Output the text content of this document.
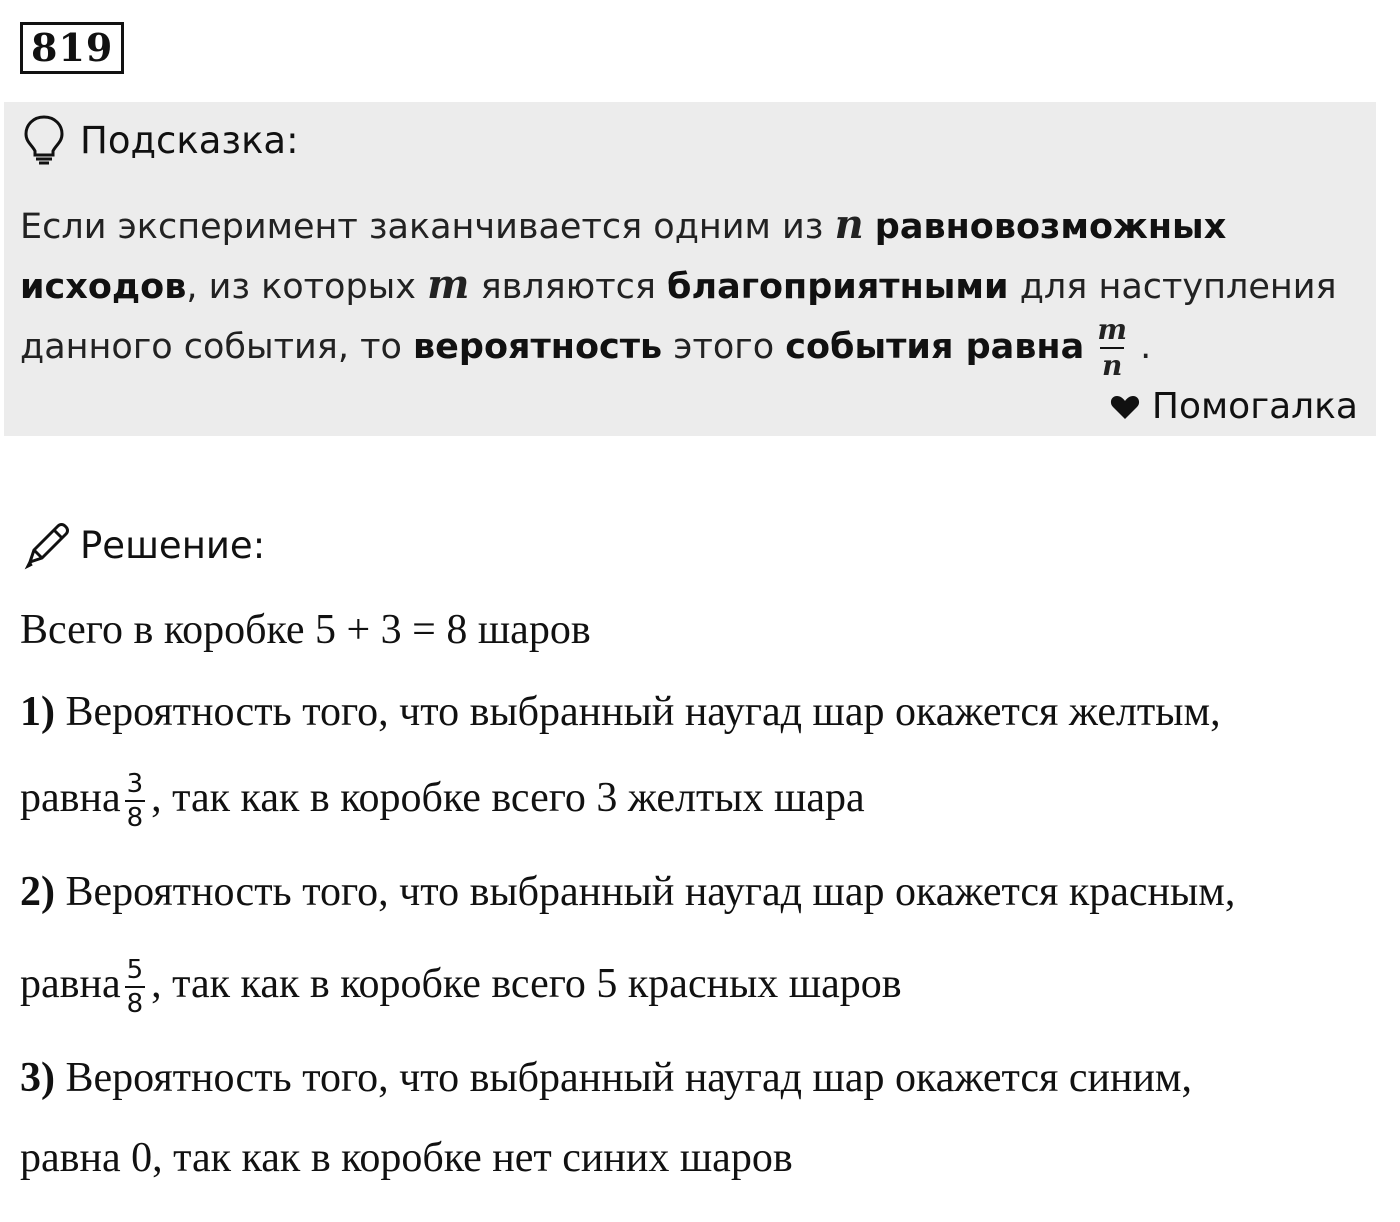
819
Подсказка:
Если эксперимент заканчивается одним из n равновозможных исходов, из которых m являются благоприятными для наступления данного события, то вероятность этого события равна $\frac{m}{n}$ .
Помогалка
Решение:
Всего в коробке 5 + 3 = 8 шаров
1) Вероятность того, что выбранный наугад шар окажется желтым,
равна $\frac{3}{8}$ , так как в коробке всего 3 желтых шара
2) Вероятность того, что выбранный наугад шар окажется красным,
равна $\frac{5}{8}$ , так как в коробке всего 5 красных шаров
3) Вероятность того, что выбранный наугад шар окажется синим,
равна 0, так как в коробке нет синих шаров
